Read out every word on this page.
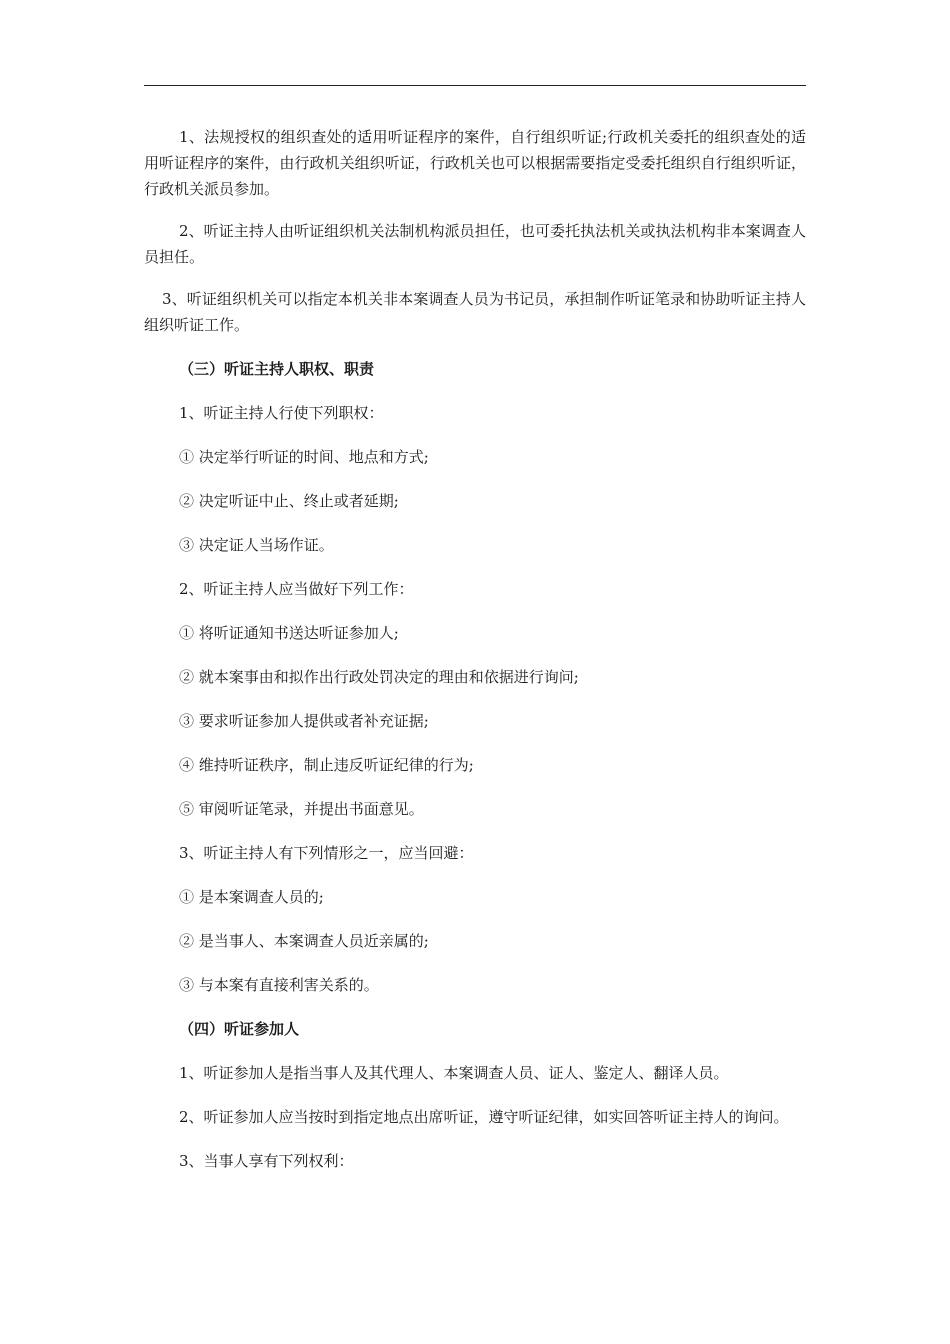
1、法规授权的组织查处的适用听证程序的案件，自行组织听证;行政机关委托的组织查处的适用听证程序的案件，由行政机关组织听证，行政机关也可以根据需要指定受委托组织自行组织听证，行政机关派员参加。

2、听证主持人由听证组织机关法制机构派员担任，也可委托执法机关或执法机构非本案调查人员担任。

3、听证组织机关可以指定本机关非本案调查人员为书记员，承担制作听证笔录和协助听证主持人组织听证工作。

（三）听证主持人职权、职责

1、听证主持人行使下列职权：

① 决定举行听证的时间、地点和方式;

② 决定听证中止、终止或者延期;

③ 决定证人当场作证。

2、听证主持人应当做好下列工作：

① 将听证通知书送达听证参加人;

② 就本案事由和拟作出行政处罚决定的理由和依据进行询问;

③ 要求听证参加人提供或者补充证据;

④ 维持听证秩序，制止违反听证纪律的行为;

⑤ 审阅听证笔录，并提出书面意见。

3、听证主持人有下列情形之一，应当回避：

① 是本案调查人员的;

② 是当事人、本案调查人员近亲属的;

③ 与本案有直接利害关系的。

（四）听证参加人

1、听证参加人是指当事人及其代理人、本案调查人员、证人、鉴定人、翻译人员。

2、听证参加人应当按时到指定地点出席听证，遵守听证纪律，如实回答听证主持人的询问。

3、当事人享有下列权利：
